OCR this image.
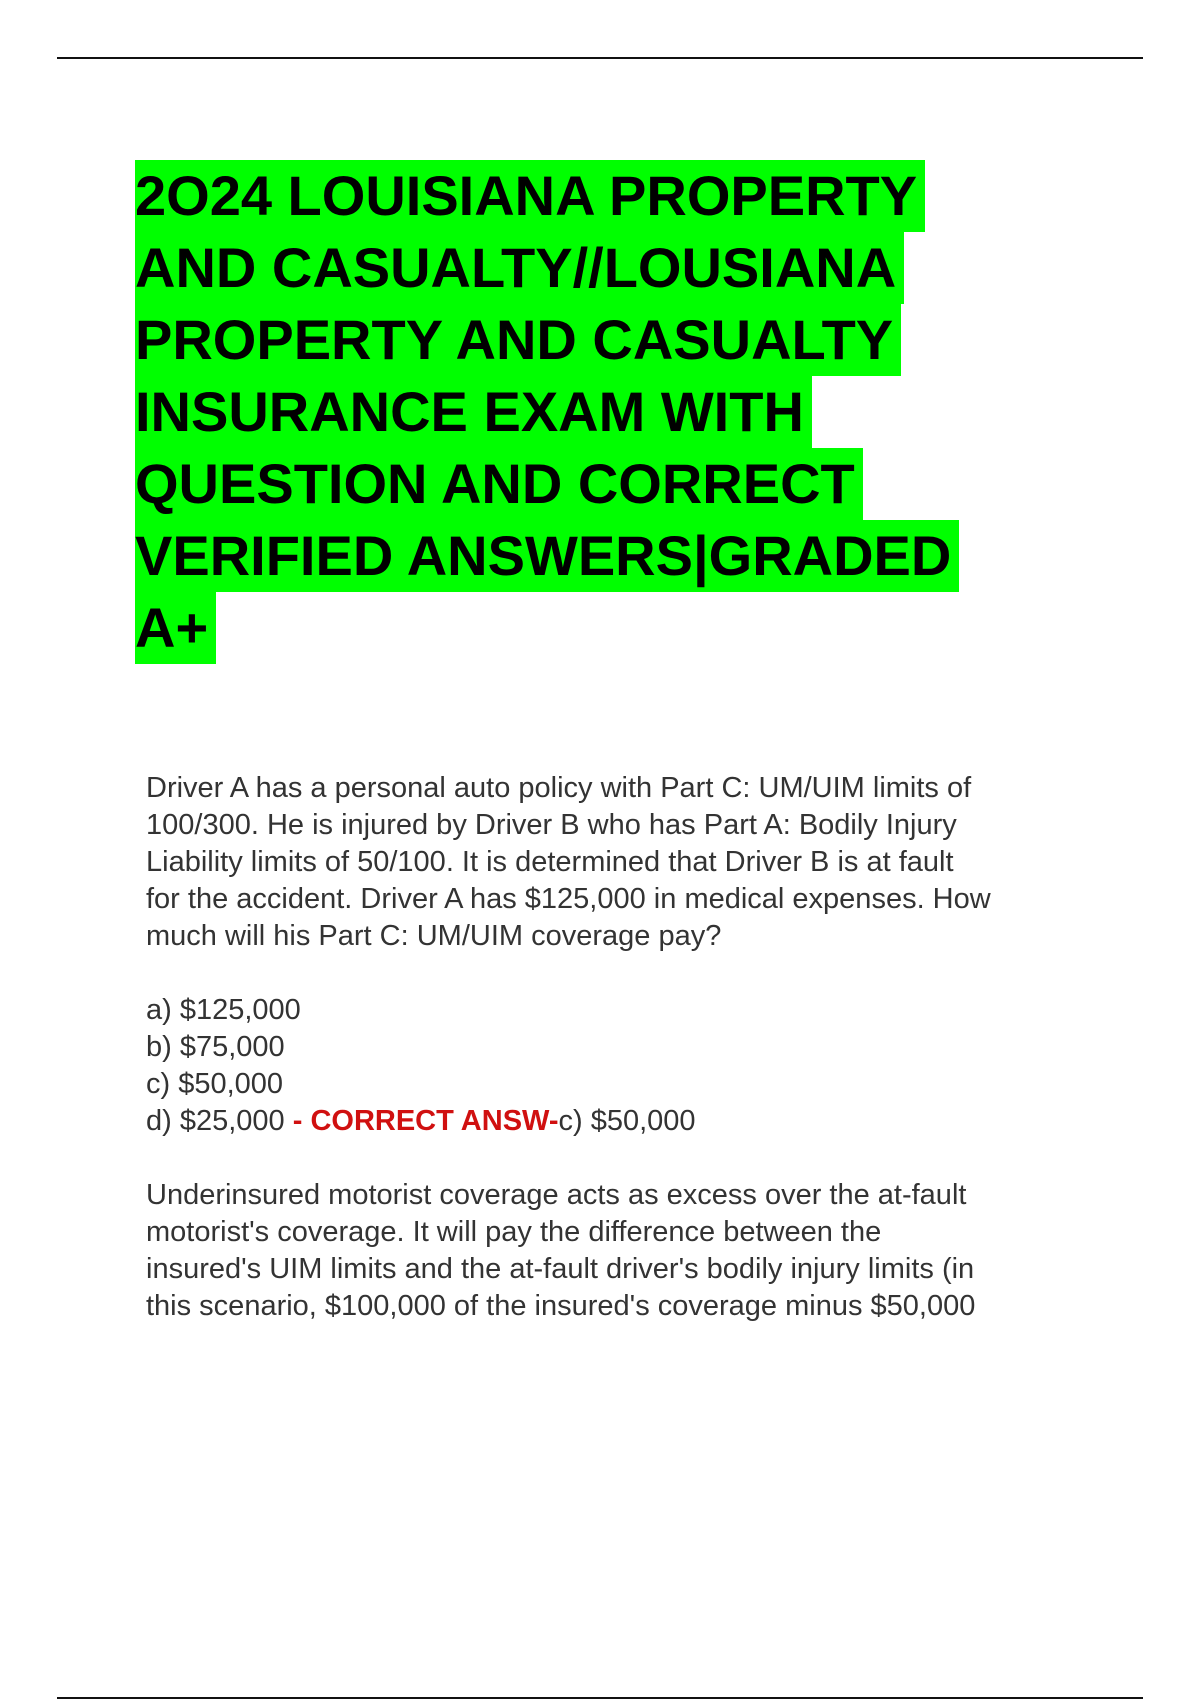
2O24 LOUISIANA PROPERTY
AND CASUALTY//LOUSIANA
PROPERTY AND CASUALTY
INSURANCE EXAM WITH
QUESTION AND CORRECT
VERIFIED ANSWERS|GRADED
A+
Driver A has a personal auto policy with Part C: UM/UIM limits of
100/300. He is injured by Driver B who has Part A: Bodily Injury
Liability limits of 50/100. It is determined that Driver B is at fault
for the accident. Driver A has $125,000 in medical expenses. How
much will his Part C: UM/UIM coverage pay?
a) $125,000
b) $75,000
c) $50,000
d) $25,000 - CORRECT ANSW-c) $50,000
Underinsured motorist coverage acts as excess over the at-fault
motorist's coverage. It will pay the difference between the
insured's UIM limits and the at-fault driver's bodily injury limits (in
this scenario, $100,000 of the insured's coverage minus $50,000
